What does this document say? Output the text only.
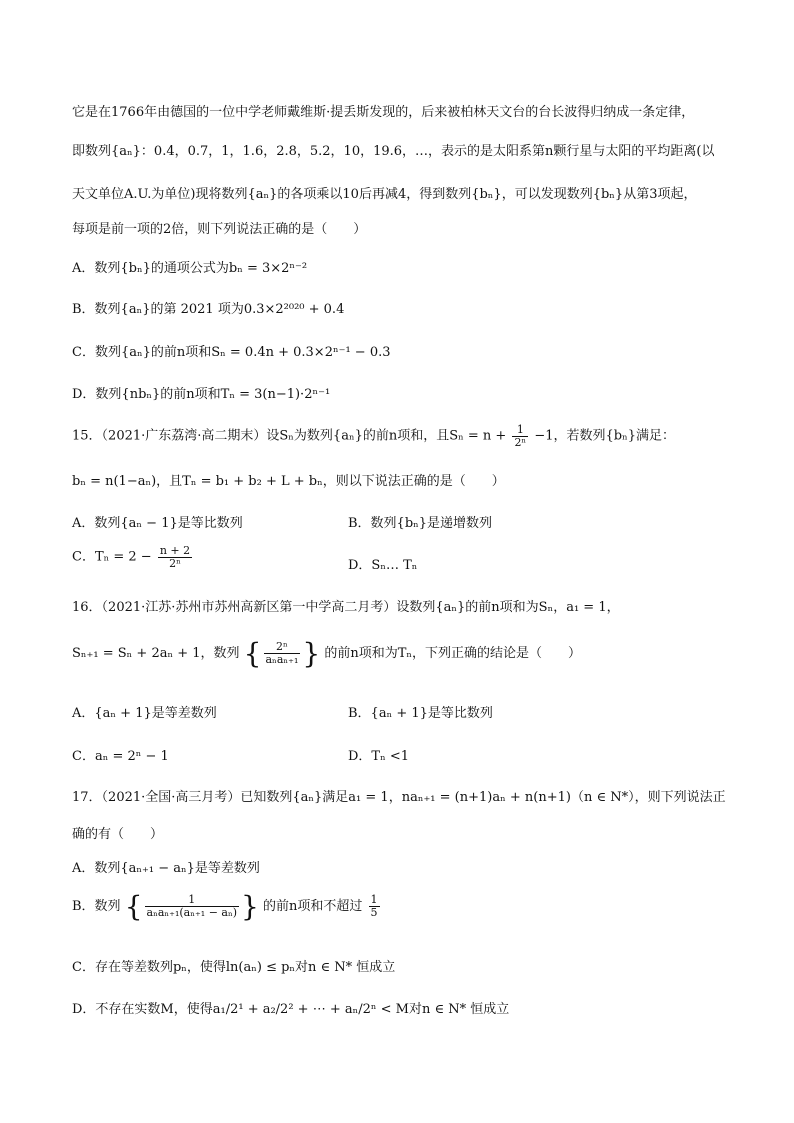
它是在1766年由德国的一位中学老师戴维斯·提丢斯发现的，后来被柏林天文台的台长波得归纳成一条定律，
即数列{aₙ}：0.4，0.7，1，1.6，2.8，5.2，10，19.6，…，表示的是太阳系第n颗行星与太阳的平均距离(以
天文单位A.U.为单位)现将数列{aₙ}的各项乘以10后再减4，得到数列{bₙ}，可以发现数列{bₙ}从第3项起，
每项是前一项的2倍，则下列说法正确的是（　　）
A．数列{bₙ}的通项公式为bₙ = 3×2ⁿ⁻²
B．数列{aₙ}的第 2021 项为0.3×2²⁰²⁰ + 0.4
C．数列{aₙ}的前n项和Sₙ = 0.4n + 0.3×2ⁿ⁻¹ − 0.3
D．数列{nbₙ}的前n项和Tₙ = 3(n−1)·2ⁿ⁻¹
15．（2021·广东荔湾·高二期末）设Sₙ为数列{aₙ}的前n项和，且$S_n = n + \frac{1}{\text{2ⁿ}} -1$，若数列{bₙ}满足：
bₙ = n(1−aₙ)，且Tₙ = b₁ + b₂ + L + bₙ，则以下说法正确的是（　　）
A．数列{aₙ − 1}是等比数列	B．数列{bₙ}是递增数列
C．$T_n = 2 - \frac{n + 2}{\text{2ⁿ}}$	D．Sₙ… Tₙ
16．（2021·江苏·苏州市苏州高新区第一中学高二月考）设数列{aₙ}的前n项和为Sₙ，a₁ = 1，
Sₙ₊₁ = Sₙ + 2aₙ + 1，数列 { $\frac{\text{2ⁿ}}{\text{aₙaₙ₊₁}}$ } 的前n项和为Tₙ，下列正确的结论是（　　）
A．{aₙ + 1}是等差数列	B．{aₙ + 1}是等比数列
C．aₙ = 2ⁿ − 1	D．Tₙ <1
17．（2021·全国·高三月考）已知数列{aₙ}满足a₁ = 1，naₙ₊₁ = (n+1)aₙ + n(n+1)（n ∈ N*），则下列说法正
确的有（　　）
A．数列{aₙ₊₁ − aₙ}是等差数列
B．数列 { $\frac{1}{\text{aₙaₙ₊₁(aₙ₊₁ − aₙ)}}$ } 的前n项和不超过 $\frac{1}{5}$
C．存在等差数列pₙ，使得ln(aₙ) ≤ pₙ对n ∈ N* 恒成立
D．不存在实数M，使得a₁/2¹ + a₂/2² + ⋯ + aₙ/2ⁿ < M对n ∈ N* 恒成立
